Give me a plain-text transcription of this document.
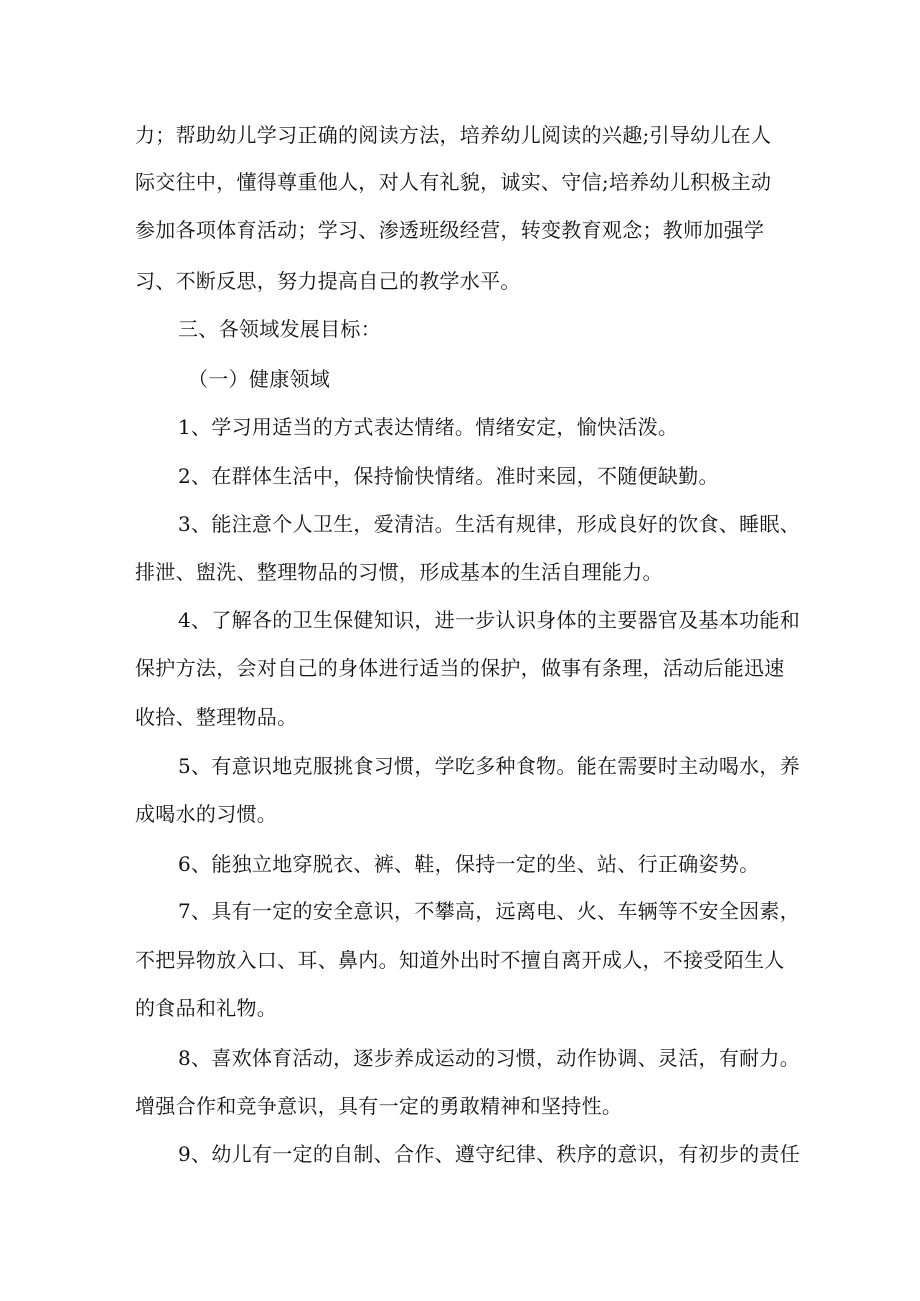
力；帮助幼儿学习正确的阅读方法，培养幼儿阅读的兴趣;引导幼儿在人
际交往中，懂得尊重他人，对人有礼貌，诚实、守信;培养幼儿积极主动
参加各项体育活动；学习、渗透班级经营，转变教育观念；教师加强学
习、不断反思，努力提高自己的教学水平。
三、各领域发展目标：
（一）健康领域
1、学习用适当的方式表达情绪。情绪安定，愉快活泼。
2、在群体生活中，保持愉快情绪。准时来园，不随便缺勤。
3、能注意个人卫生，爱清洁。生活有规律，形成良好的饮食、睡眠、
排泄、盥洗、整理物品的习惯，形成基本的生活自理能力。
4、了解各的卫生保健知识，进一步认识身体的主要器官及基本功能和
保护方法，会对自己的身体进行适当的保护，做事有条理，活动后能迅速
收拾、整理物品。
5、有意识地克服挑食习惯，学吃多种食物。能在需要时主动喝水，养
成喝水的习惯。
6、能独立地穿脱衣、裤、鞋，保持一定的坐、站、行正确姿势。
7、具有一定的安全意识，不攀高，远离电、火、车辆等不安全因素，
不把异物放入口、耳、鼻内。知道外出时不擅自离开成人，不接受陌生人
的食品和礼物。
8、喜欢体育活动，逐步养成运动的习惯，动作协调、灵活，有耐力。
增强合作和竞争意识，具有一定的勇敢精神和坚持性。
9、幼儿有一定的自制、合作、遵守纪律、秩序的意识，有初步的责任
